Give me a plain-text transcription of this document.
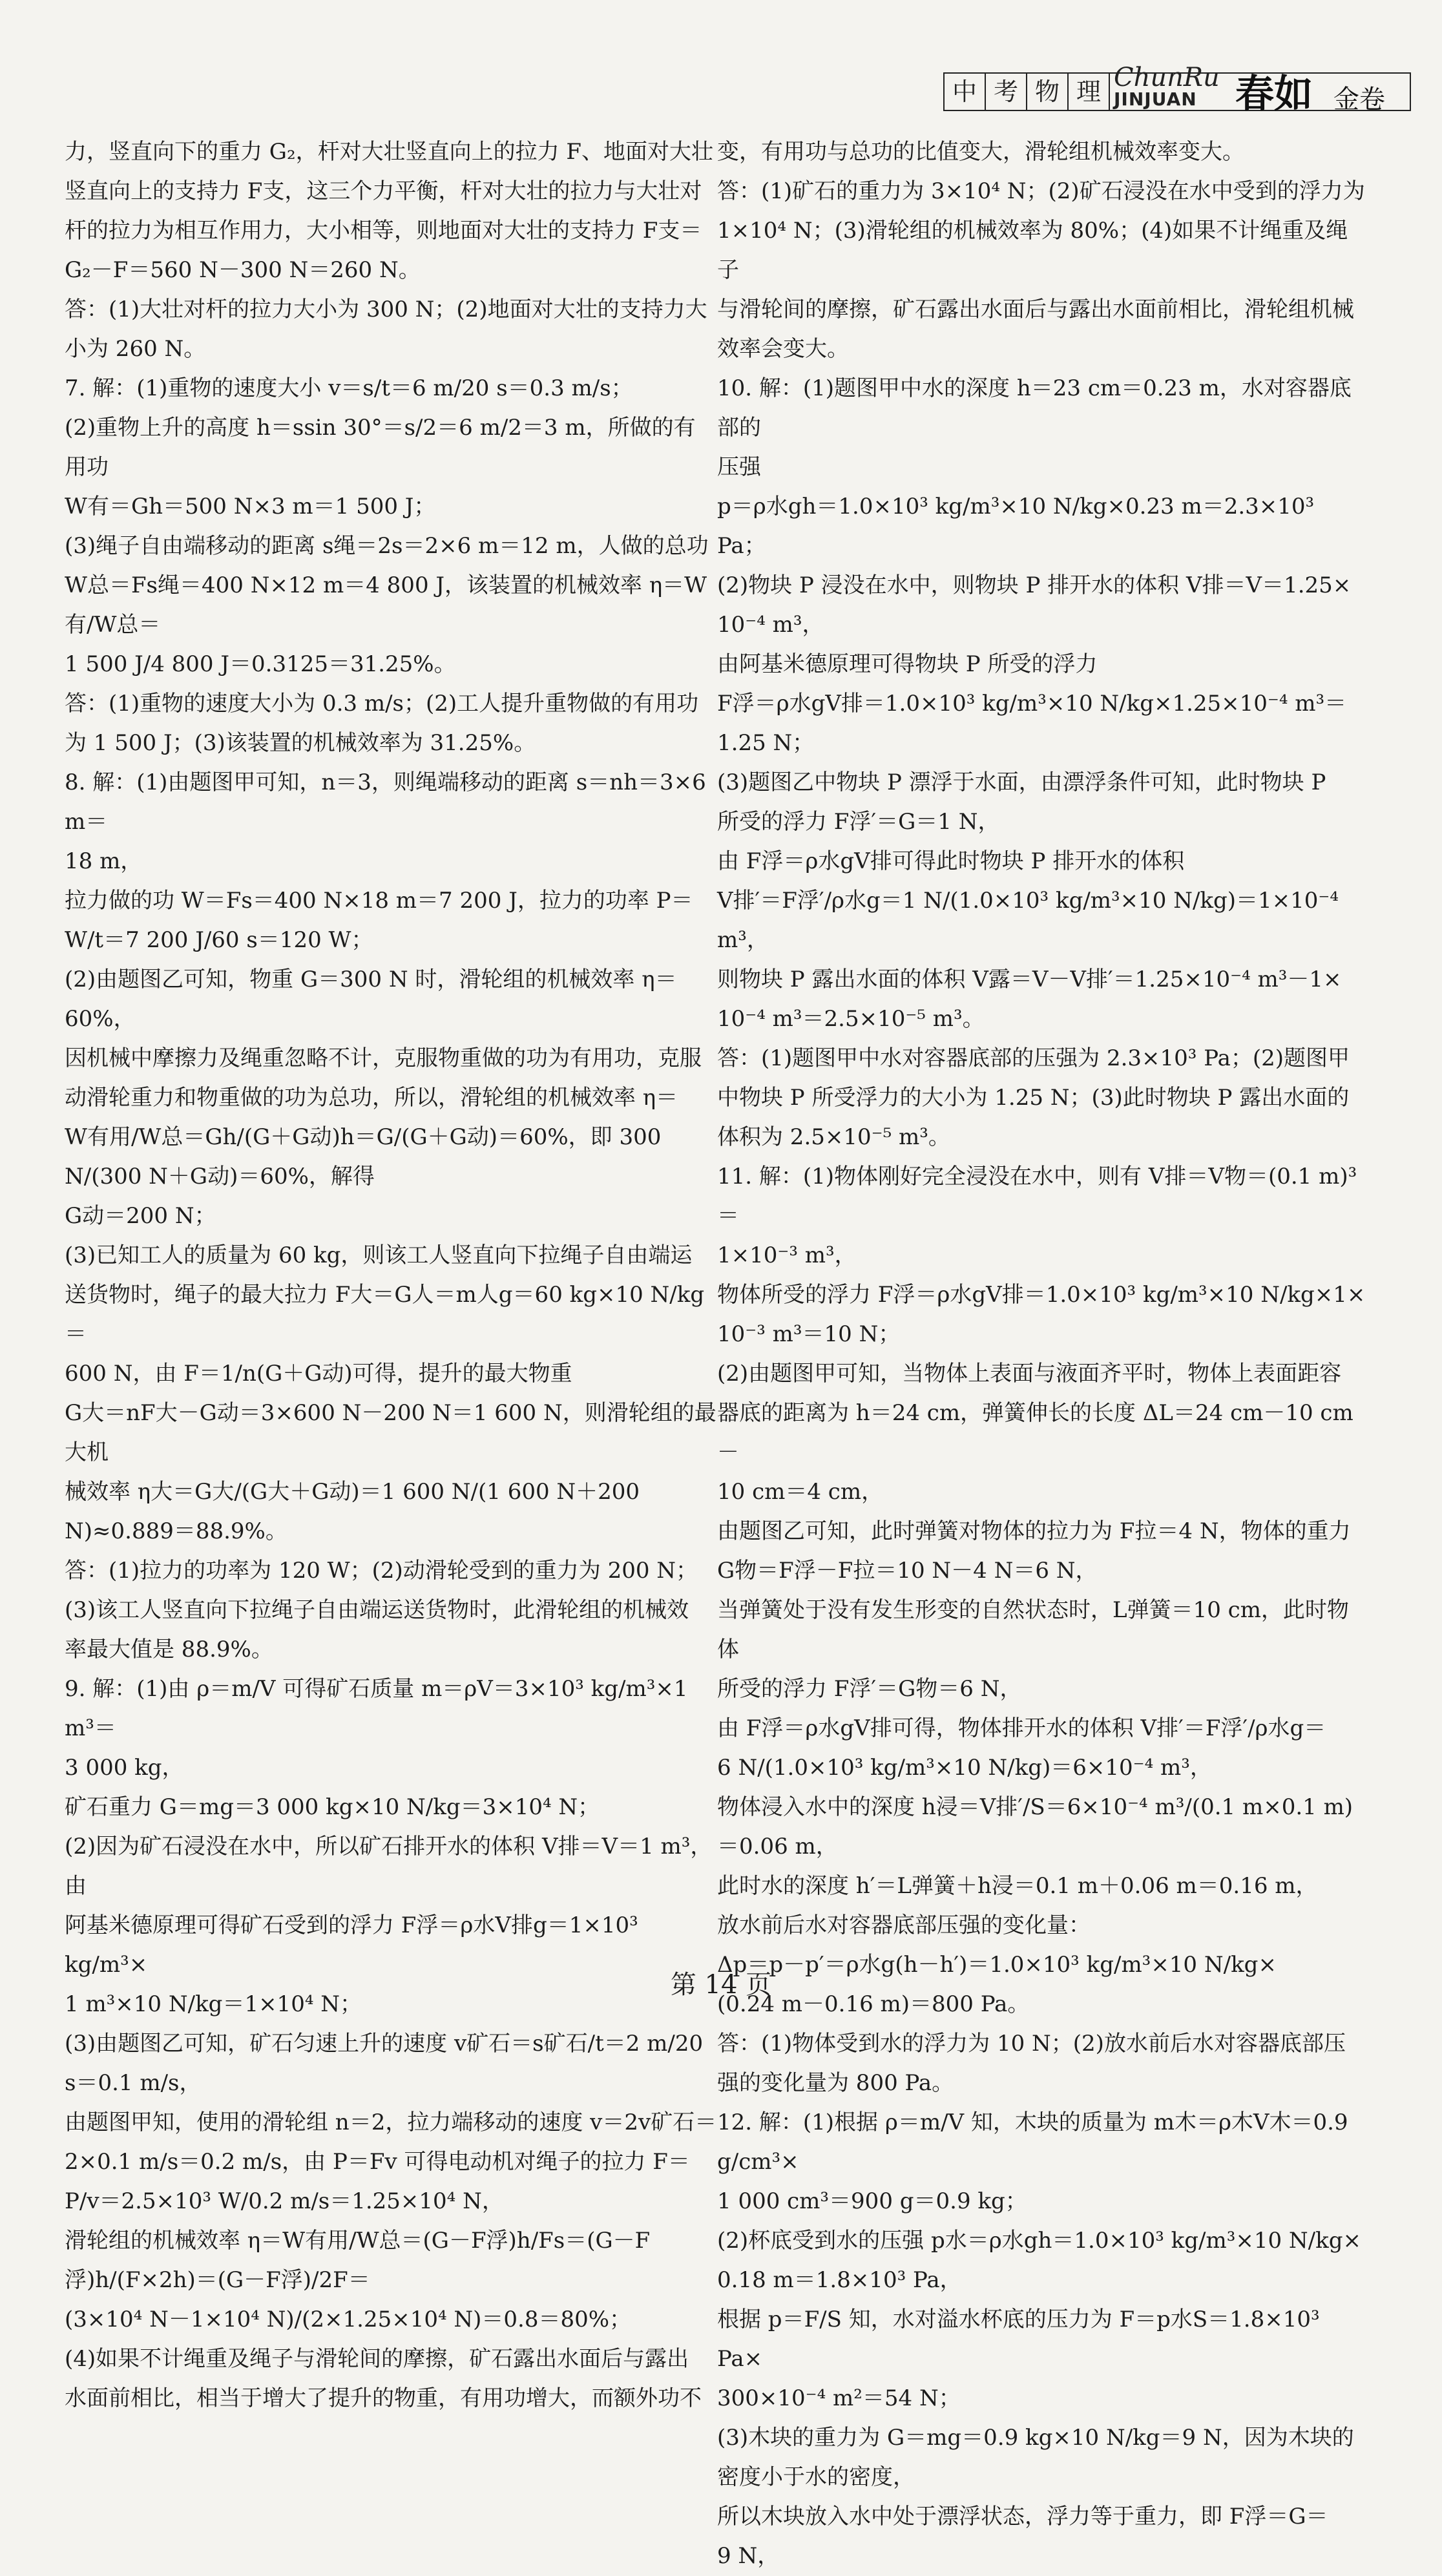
中 考 物 理 ChunRu
JINJUAN 春如 金卷

力，竖直向下的重力 G₂，杆对大壮竖直向上的拉力 F、地面对大壮

竖直向上的支持力 F支，这三个力平衡，杆对大壮的拉力与大壮对

杆的拉力为相互作用力，大小相等，则地面对大壮的支持力 F支＝

G₂－F＝560 N－300 N＝260 N。

答：(1)大壮对杆的拉力大小为 300 N；(2)地面对大壮的支持力大

小为 260 N。

7. 解：(1)重物的速度大小 v＝s/t＝6 m/20 s＝0.3 m/s；

(2)重物上升的高度 h＝ssin 30°＝s/2＝6 m/2＝3 m，所做的有用功

W有＝Gh＝500 N×3 m＝1 500 J；

(3)绳子自由端移动的距离 s绳＝2s＝2×6 m＝12 m，人做的总功

W总＝Fs绳＝400 N×12 m＝4 800 J，该装置的机械效率 η＝W有/W总＝

1 500 J/4 800 J＝0.3125＝31.25%。

答：(1)重物的速度大小为 0.3 m/s；(2)工人提升重物做的有用功

为 1 500 J；(3)该装置的机械效率为 31.25%。

8. 解：(1)由题图甲可知，n＝3，则绳端移动的距离 s＝nh＝3×6 m＝

18 m，

拉力做的功 W＝Fs＝400 N×18 m＝7 200 J，拉力的功率 P＝

W/t＝7 200 J/60 s＝120 W；

(2)由题图乙可知，物重 G＝300 N 时，滑轮组的机械效率 η＝

60%，

因机械中摩擦力及绳重忽略不计，克服物重做的功为有用功，克服

动滑轮重力和物重做的功为总功，所以，滑轮组的机械效率 η＝

W有用/W总＝Gh/(G＋G动)h＝G/(G＋G动)＝60%，即 300 N/(300 N＋G动)＝60%，解得

G动＝200 N；

(3)已知工人的质量为 60 kg，则该工人竖直向下拉绳子自由端运

送货物时，绳子的最大拉力 F大＝G人＝m人g＝60 kg×10 N/kg＝

600 N，由 F＝1/n(G＋G动)可得，提升的最大物重

G大＝nF大－G动＝3×600 N－200 N＝1 600 N，则滑轮组的最大机

械效率 η大＝G大/(G大＋G动)＝1 600 N/(1 600 N＋200 N)≈0.889＝88.9%。

答：(1)拉力的功率为 120 W；(2)动滑轮受到的重力为 200 N；

(3)该工人竖直向下拉绳子自由端运送货物时，此滑轮组的机械效

率最大值是 88.9%。

9. 解：(1)由 ρ＝m/V 可得矿石质量 m＝ρV＝3×10³ kg/m³×1 m³＝

3 000 kg，

矿石重力 G＝mg＝3 000 kg×10 N/kg＝3×10⁴ N；

(2)因为矿石浸没在水中，所以矿石排开水的体积 V排＝V＝1 m³，由

阿基米德原理可得矿石受到的浮力 F浮＝ρ水V排g＝1×10³ kg/m³×

1 m³×10 N/kg＝1×10⁴ N；

(3)由题图乙可知，矿石匀速上升的速度 v矿石＝s矿石/t＝2 m/20 s＝0.1 m/s，

由题图甲知，使用的滑轮组 n＝2，拉力端移动的速度 v＝2v矿石＝

2×0.1 m/s＝0.2 m/s，由 P＝Fv 可得电动机对绳子的拉力 F＝

P/v＝2.5×10³ W/0.2 m/s＝1.25×10⁴ N，

滑轮组的机械效率 η＝W有用/W总＝(G－F浮)h/Fs＝(G－F浮)h/(F×2h)＝(G－F浮)/2F＝

(3×10⁴ N－1×10⁴ N)/(2×1.25×10⁴ N)＝0.8＝80%；

(4)如果不计绳重及绳子与滑轮间的摩擦，矿石露出水面后与露出

水面前相比，相当于增大了提升的物重，有用功增大，而额外功不

变，有用功与总功的比值变大，滑轮组机械效率变大。

答：(1)矿石的重力为 3×10⁴ N；(2)矿石浸没在水中受到的浮力为

1×10⁴ N；(3)滑轮组的机械效率为 80%；(4)如果不计绳重及绳子

与滑轮间的摩擦，矿石露出水面后与露出水面前相比，滑轮组机械

效率会变大。

10. 解：(1)题图甲中水的深度 h＝23 cm＝0.23 m，水对容器底部的

压强

p＝ρ水gh＝1.0×10³ kg/m³×10 N/kg×0.23 m＝2.3×10³ Pa；

(2)物块 P 浸没在水中，则物块 P 排开水的体积 V排＝V＝1.25×

10⁻⁴ m³，

由阿基米德原理可得物块 P 所受的浮力

F浮＝ρ水gV排＝1.0×10³ kg/m³×10 N/kg×1.25×10⁻⁴ m³＝

1.25 N；

(3)题图乙中物块 P 漂浮于水面，由漂浮条件可知，此时物块 P

所受的浮力 F浮′＝G＝1 N，

由 F浮＝ρ水gV排可得此时物块 P 排开水的体积

V排′＝F浮′/ρ水g＝1 N/(1.0×10³ kg/m³×10 N/kg)＝1×10⁻⁴ m³，

则物块 P 露出水面的体积 V露＝V－V排′＝1.25×10⁻⁴ m³－1×

10⁻⁴ m³＝2.5×10⁻⁵ m³。

答：(1)题图甲中水对容器底部的压强为 2.3×10³ Pa；(2)题图甲

中物块 P 所受浮力的大小为 1.25 N；(3)此时物块 P 露出水面的

体积为 2.5×10⁻⁵ m³。

11. 解：(1)物体刚好完全浸没在水中，则有 V排＝V物＝(0.1 m)³＝

1×10⁻³ m³，

物体所受的浮力 F浮＝ρ水gV排＝1.0×10³ kg/m³×10 N/kg×1×

10⁻³ m³＝10 N；

(2)由题图甲可知，当物体上表面与液面齐平时，物体上表面距容

器底的距离为 h＝24 cm，弹簧伸长的长度 ΔL＝24 cm－10 cm－

10 cm＝4 cm，

由题图乙可知，此时弹簧对物体的拉力为 F拉＝4 N，物体的重力

G物＝F浮－F拉＝10 N－4 N＝6 N，

当弹簧处于没有发生形变的自然状态时，L弹簧＝10 cm，此时物体

所受的浮力 F浮′＝G物＝6 N，

由 F浮＝ρ水gV排可得，物体排开水的体积 V排′＝F浮′/ρ水g＝

6 N/(1.0×10³ kg/m³×10 N/kg)＝6×10⁻⁴ m³，

物体浸入水中的深度 h浸＝V排′/S＝6×10⁻⁴ m³/(0.1 m×0.1 m)＝0.06 m，

此时水的深度 h′＝L弹簧＋h浸＝0.1 m＋0.06 m＝0.16 m，

放水前后水对容器底部压强的变化量：

Δp＝p－p′＝ρ水g(h－h′)＝1.0×10³ kg/m³×10 N/kg×

(0.24 m－0.16 m)＝800 Pa。

答：(1)物体受到水的浮力为 10 N；(2)放水前后水对容器底部压

强的变化量为 800 Pa。

12. 解：(1)根据 ρ＝m/V 知，木块的质量为 m木＝ρ木V木＝0.9 g/cm³×

1 000 cm³＝900 g＝0.9 kg；

(2)杯底受到水的压强 p水＝ρ水gh＝1.0×10³ kg/m³×10 N/kg×

0.18 m＝1.8×10³ Pa，

根据 p＝F/S 知，水对溢水杯底的压力为 F＝p水S＝1.8×10³ Pa×

300×10⁻⁴ m²＝54 N；

(3)木块的重力为 G＝mg＝0.9 kg×10 N/kg＝9 N，因为木块的

密度小于水的密度，

所以木块放入水中处于漂浮状态，浮力等于重力，即 F浮＝G＝

9 N，

第 14 页
